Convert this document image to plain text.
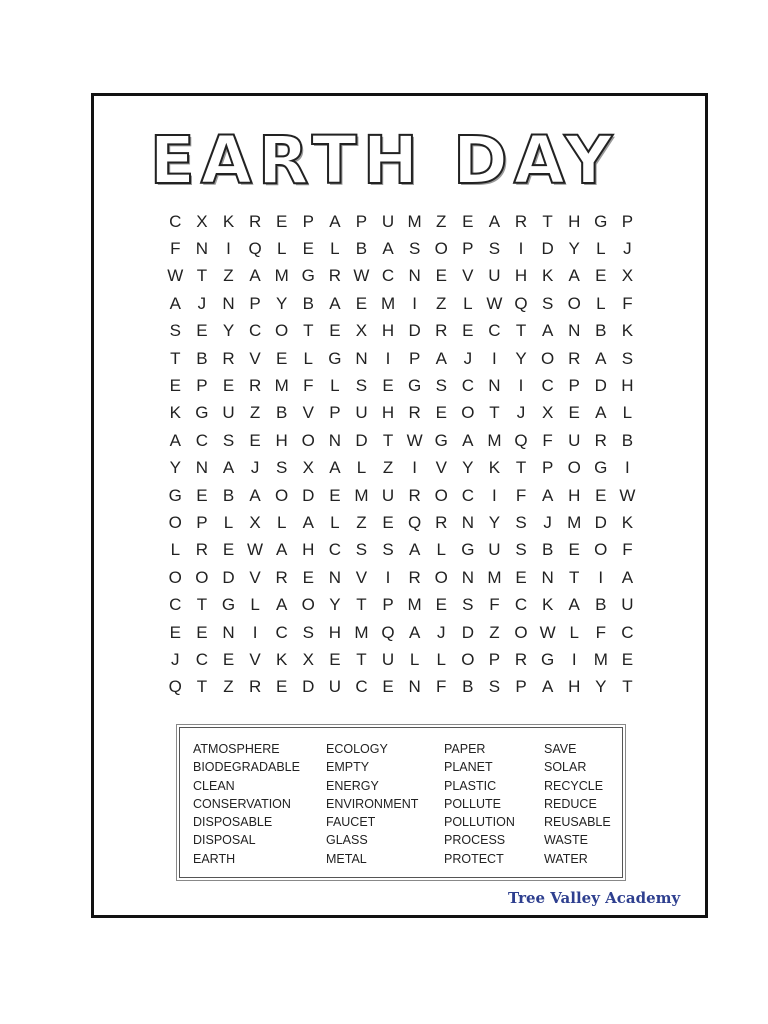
EARTH DAY
C X K R E P A P U M Z E A R T H G P
F N	I	Q L E L B A S O P S	I	D Y L	J
W T Z A M G R W C N E V U H K A E X
A J N P Y B A E M	I	Z L W Q S O L F
S E Y C O T E X H D R E C T A N B K
T B R V E L G N	I	P A J	I	Y O R A S
E P E R M F L S E G S C N	I	C P D H
K G U Z B V P U H R E O T	J X E A L
A C S E H O N D T W G A M Q F U R B
Y N A J S X A L Z	I	V Y K T P O G	I
G E B A O D E M U R O C	I	F A H E W
O P L X L A L Z E Q R N Y S J M D K
L R E W A H C S S A L G U S B E O F
O O D V R E N V	I	R O N M E N T	I	A
C T G L A O Y T P M E S F C K A B U
E E N	I	C S H M Q A J D Z O W L F C
J C E V K X E T U L	L O P R G	I	M E
Q T Z R E D U C E N F B S P A H Y T
ATMOSPHERE
BIODEGRADABLE
CLEAN
CONSERVATION
DISPOSABLE
DISPOSAL
EARTH
ECOLOGY
EMPTY
ENERGY
ENVIRONMENT
FAUCET
GLASS
METAL
PAPER
PLANET
PLASTIC
POLLUTE
POLLUTION
PROCESS
PROTECT
SAVE
SOLAR
RECYCLE
REDUCE
REUSABLE
WASTE
WATER
Tree Valley Academy
